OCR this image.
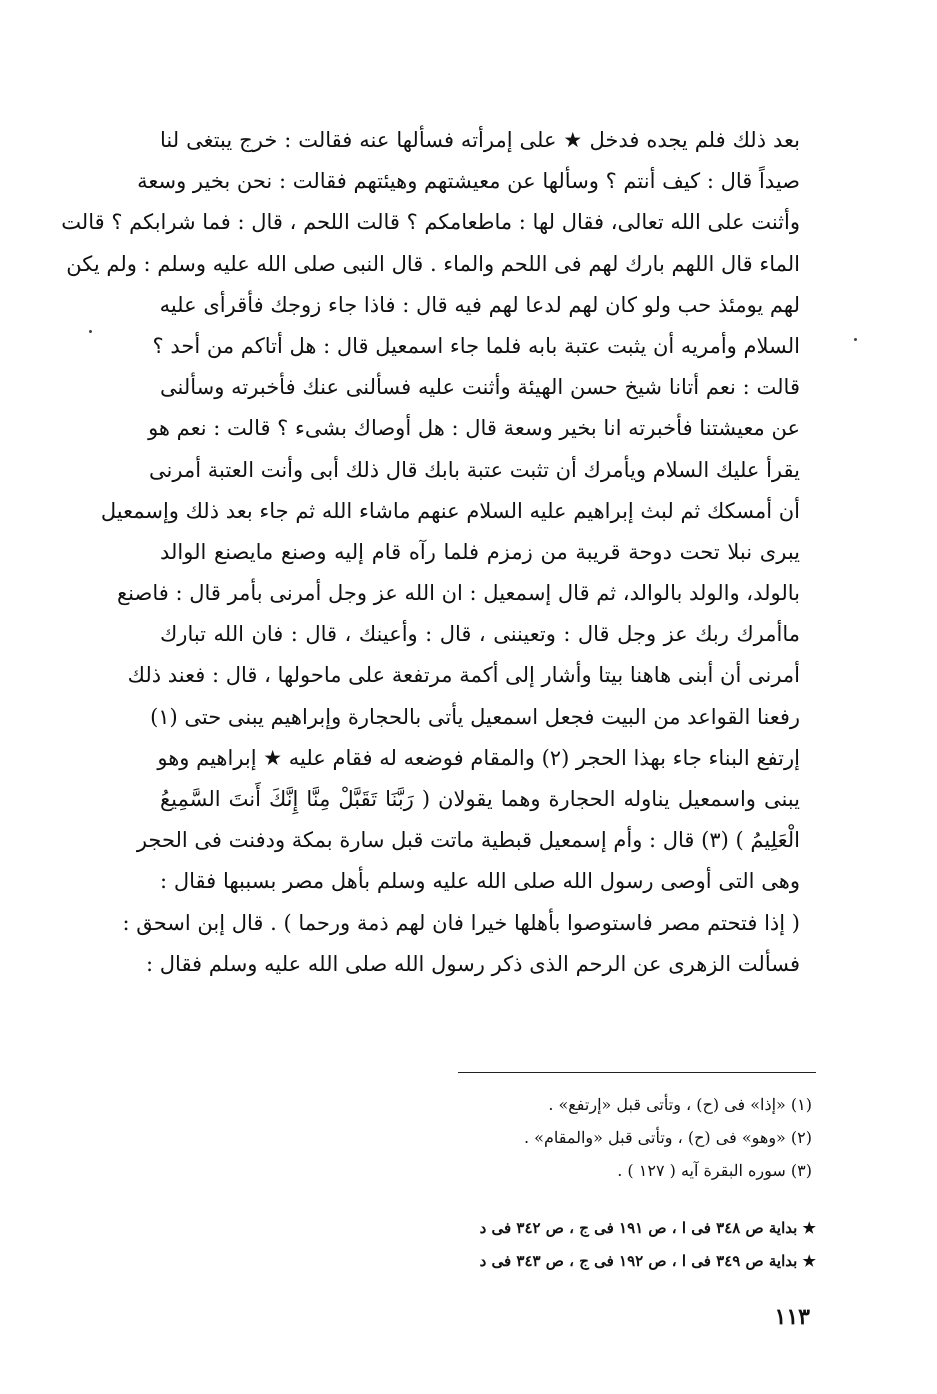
بعد ذلك فلم يجده فدخل ★ على إمرأته فسألها عنه فقالت : خرج يبتغى لنا
صيداً قال : كيف أنتم ؟ وسألها عن معيشتهم وهيئتهم فقالت : نحن بخير وسعة
وأثنت على الله تعالى، فقال لها : ماطعامكم ؟ قالت اللحم ، قال : فما شرابكم ؟ قالت
الماء قال اللهم بارك لهم فى اللحم والماء . قال النبى صلى الله عليه وسلم : ولم يكن
لهم يومئذ حب ولو كان لهم لدعا لهم فيه قال : فاذا جاء زوجك فأقرأى عليه
السلام وأمريه أن يثبت عتبة بابه فلما جاء اسمعيل قال : هل أتاكم من أحد ؟
قالت : نعم أتانا شيخ حسن الهيئة وأثنت عليه فسألنى عنك فأخبرته وسألنى
عن معيشتنا فأخبرته انا بخير وسعة قال : هل أوصاك بشىء ؟ قالت : نعم هو
يقرأ عليك السلام ويأمرك أن تثبت عتبة بابك قال ذلك أبى وأنت العتبة أمرنى
أن أمسكك ثم لبث إبراهيم عليه السلام عنهم ماشاء الله ثم جاء بعد ذلك وإسمعيل
يبرى نبلا تحت دوحة قريبة من زمزم فلما رآه قام إليه وصنع مايصنع الوالد
بالولد، والولد بالوالد، ثم قال إسمعيل : ان الله عز وجل أمرنى بأمر قال : فاصنع
ماأمرك ربك عز وجل قال : وتعيننى ، قال : وأعينك ، قال : فان الله تبارك
أمرنى أن أبنى هاهنا بيتا وأشار إلى أكمة مرتفعة على ماحولها ، قال : فعند ذلك
رفعنا القواعد من البيت فجعل اسمعيل يأتى بالحجارة وإبراهيم يبنى حتى (١)
إرتفع البناء جاء بهذا الحجر (٢) والمقام فوضعه له فقام عليه ★ إبراهيم وهو
يبنى واسمعيل يناوله الحجارة وهما يقولان ( رَبَّنَا تَقَبَّلْ مِنَّا إِنَّكَ أَنتَ السَّمِيعُ
الْعَلِيمُ ) (٣) قال : وأم إسمعيل قبطية ماتت قبل سارة بمكة ودفنت فى الحجر
وهى التى أوصى رسول الله صلى الله عليه وسلم بأهل مصر بسببها فقال :
( إذا فتحتم مصر فاستوصوا بأهلها خيرا فان لهم ذمة ورحما ) . قال إبن اسحق :
فسألت الزهرى عن الرحم الذى ذكر رسول الله صلى الله عليه وسلم فقال :
(١) «إذا» فى (ح) ، وتأتى قبل «إرتفع» .
(٢) «وهو» فى (ح) ، وتأتى قبل «والمقام» .
(٣) سوره البقرة آيه ( ١٢٧ ) .
★ بداية ص ٣٤٨ فى ا ، ص ١٩١ فى ج ، ص ٣٤٢ فى د
★ بداية ص ٣٤٩ فى ا ، ص ١٩٢ فى ج ، ص ٣٤٣ فى د
١١٣
